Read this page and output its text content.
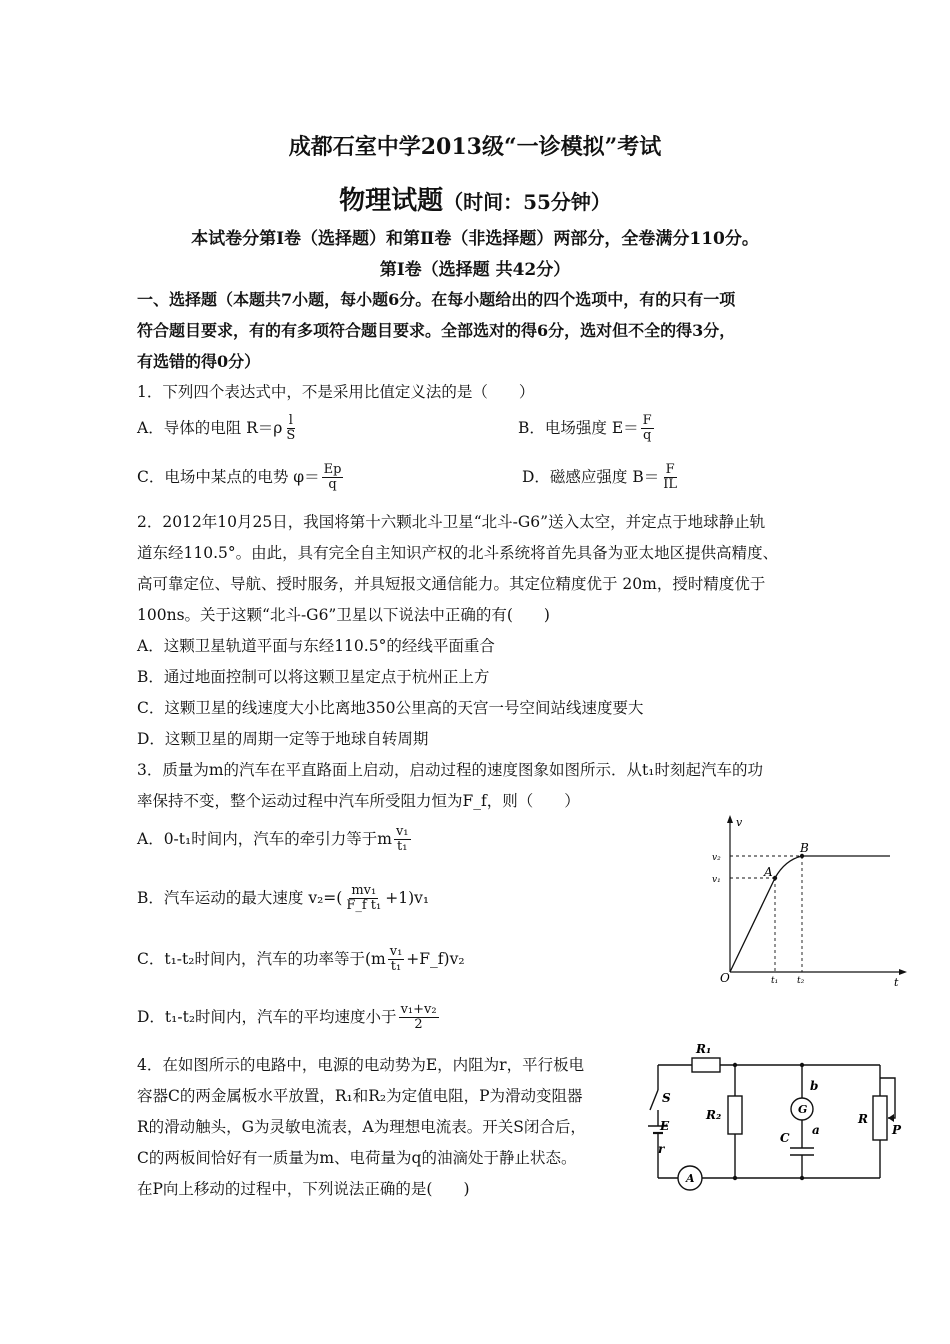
成都石室中学2013级“一诊模拟”考试
物理试题（时间：55分钟）
本试卷分第Ⅰ卷（选择题）和第Ⅱ卷（非选择题）两部分，全卷满分110分。
第Ⅰ卷（选择题 共42分）
一、选择题（本题共7小题，每小题6分。在每小题给出的四个选项中，有的只有一项
符合题目要求，有的有多项符合题目要求。全部选对的得6分，选对但不全的得3分，
有选错的得0分）
1．下列四个表达式中，不是采用比值定义法的是（　　）
A．导体的电阻 $R=\rho \frac{l}{S}$	B．电场强度 $E= \frac{F}{q}$
C．电场中某点的电势 $\varphi= \frac{Ep}{q}$	D．磁感应强度 $B= \frac{F}{IL}$
2．2012年10月25日，我国将第十六颗北斗卫星“北斗-G6”送入太空，并定点于地球静止轨
道东经110.5°。由此，具有完全自主知识产权的北斗系统将首先具备为亚太地区提供高精度、
高可靠定位、导航、授时服务，并具短报文通信能力。其定位精度优于 20m，授时精度优于
100ns。关于这颗“北斗-G6”卫星以下说法中正确的有(　　)
A．这颗卫星轨道平面与东经110.5°的经线平面重合
B．通过地面控制可以将这颗卫星定点于杭州正上方
C．这颗卫星的线速度大小比离地350公里高的天宫一号空间站线速度要大
D．这颗卫星的周期一定等于地球自转周期
3．质量为m的汽车在平直路面上启动，启动过程的速度图象如图所示．从t₁时刻起汽车的功
率保持不变，整个运动过程中汽车所受阻力恒为F_f，则（　　）
A．0-t₁时间内，汽车的牵引力等于m $\frac{\text{v₁}}{\text{t₁}}$
B．汽车运动的最大速度 $v_2=( \frac{\text{mv₁}}{\text{F\_f t₁}} +1)v_1$
C．t₁-t₂时间内，汽车的功率等于($m \frac{\text{v₁}}{\text{t₁}}$ +F_f)v₂
D．t₁-t₂时间内，汽车的平均速度小于 $\frac{\text{v₁+v₂}}{2}$
v
t
O
A
B
v₂
v₁
t₁ t₂
4．在如图所示的电路中，电源的电动势为E，内阻为r，平行板电
容器C的两金属板水平放置，R₁和R₂为定值电阻，P为滑动变阻器
R的滑动触头，G为灵敏电流表，A为理想电流表。开关S闭合后，
C的两板间恰好有一质量为m、电荷量为q的油滴处于静止状态。
在P向上移动的过程中，下列说法正确的是(　　)
R₁
S
E
r
A
R₂	G
b
a
C
R
P
